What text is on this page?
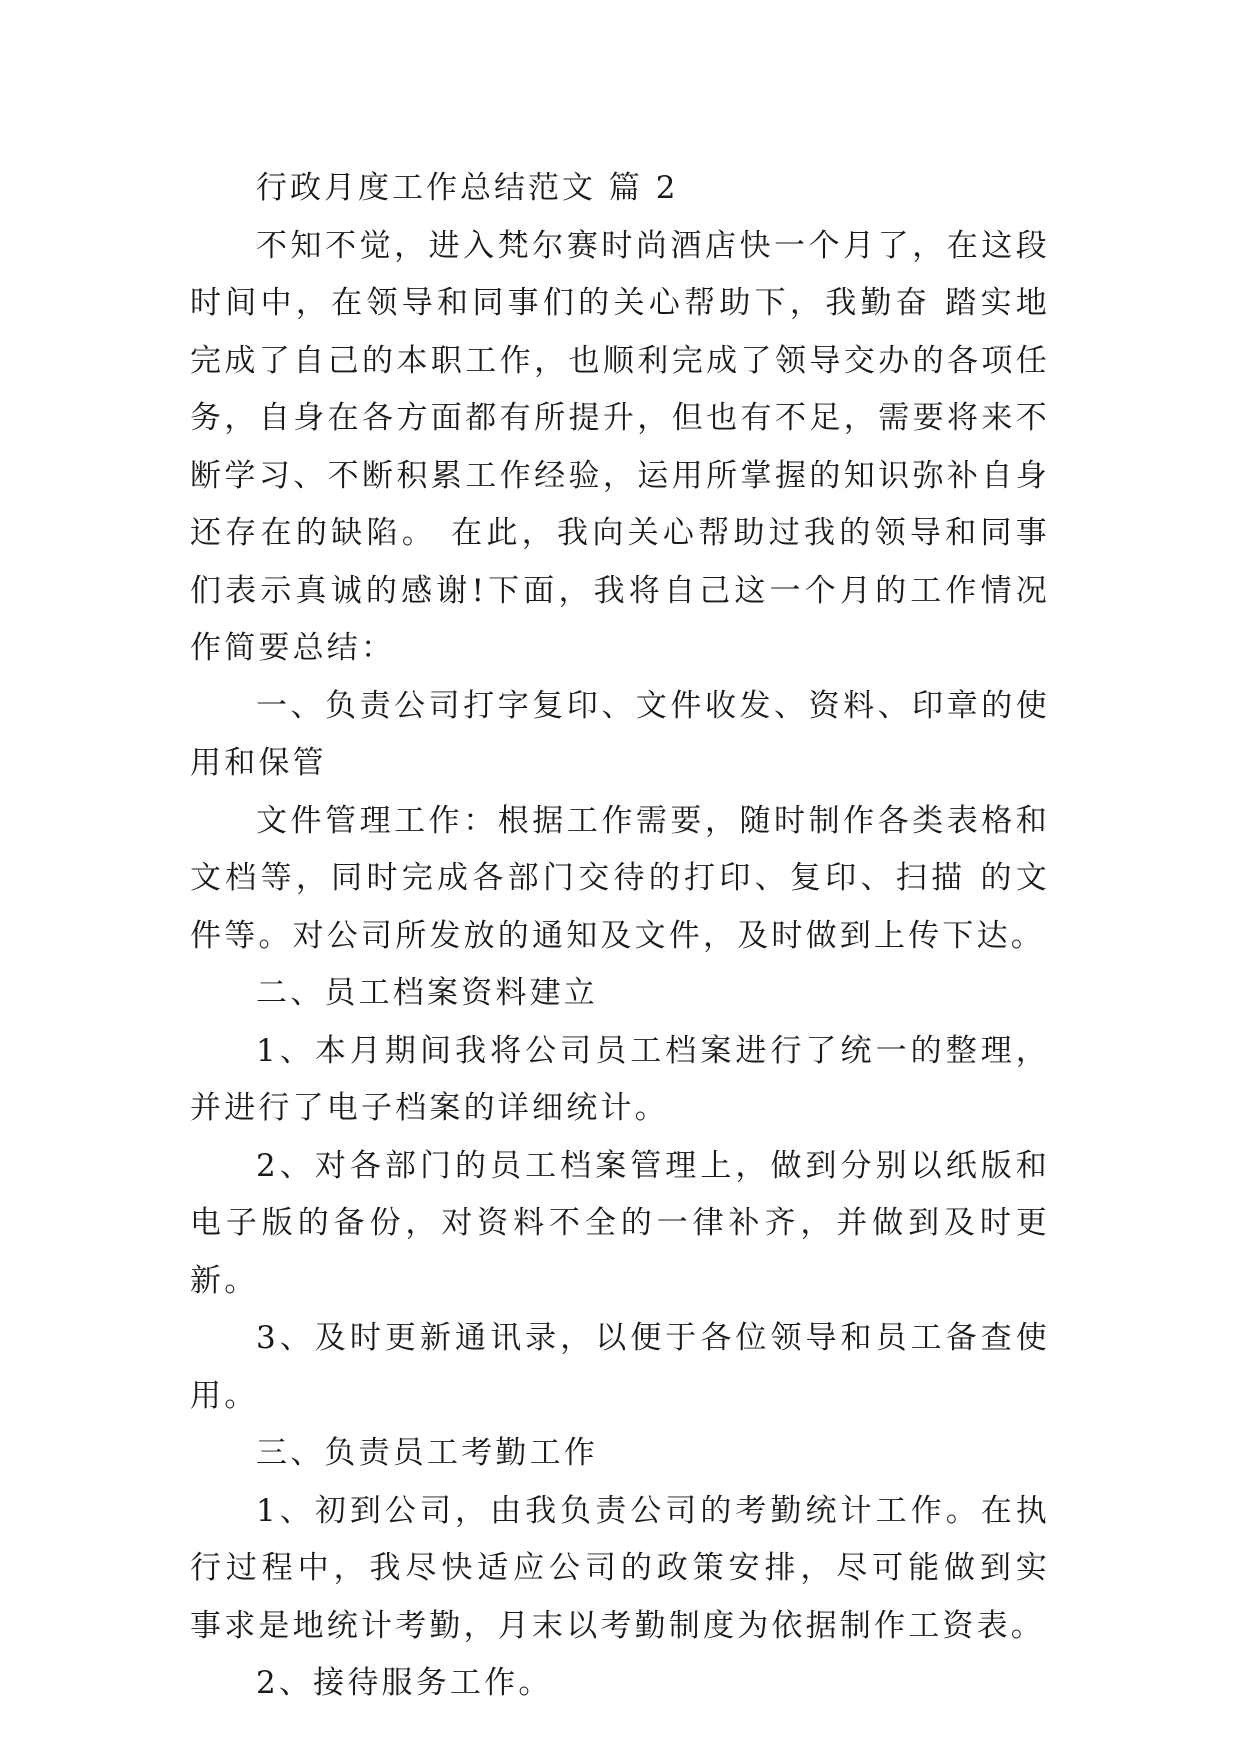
行政月度工作总结范文 篇 2

不知不觉，进入梵尔赛时尚酒店快一个月了，在这段时间中，在领导和同事们的关心帮助下，我勤奋 踏实地完成了自己的本职工作，也顺利完成了领导交办的各项任务，自身在各方面都有所提升，但也有不足，需要将来不断学习、不断积累工作经验，运用所掌握的知识弥补自身还存在的缺陷。 在此，我向关心帮助过我的领导和同事们表示真诚的感谢!下面，我将自己这一个月的工作情况作简要总结：

一、负责公司打字复印、文件收发、资料、印章的使用和保管

文件管理工作：根据工作需要，随时制作各类表格和文档等，同时完成各部门交待的打印、复印、扫描 的文件等。对公司所发放的通知及文件，及时做到上传下达。

二、员工档案资料建立

1、本月期间我将公司员工档案进行了统一的整理，并进行了电子档案的详细统计。

2、对各部门的员工档案管理上，做到分别以纸版和电子版的备份，对资料不全的一律补齐，并做到及时更新。

3、及时更新通讯录，以便于各位领导和员工备查使用。

三、负责员工考勤工作

1、初到公司，由我负责公司的考勤统计工作。在执行过程中，我尽快适应公司的政策安排，尽可能做到实 事求是地统计考勤，月末以考勤制度为依据制作工资表。

2、接待服务工作。
